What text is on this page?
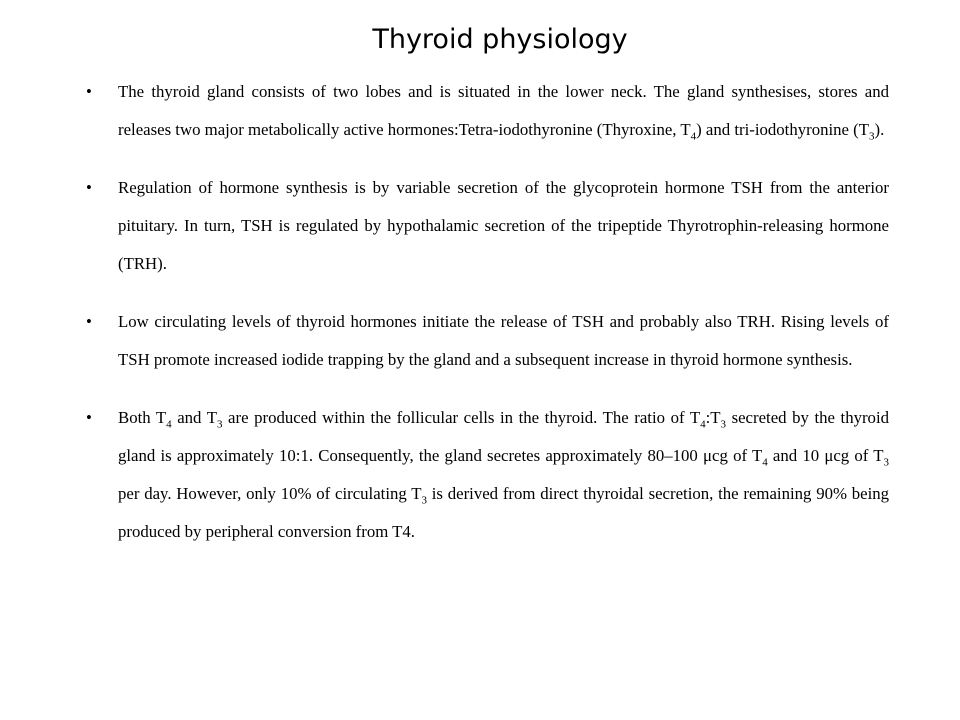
Thyroid physiology
• The thyroid gland consists of two lobes and is situated in the lower neck. The gland synthesises, stores and releases two major metabolically active hormones:Tetra-iodothyronine (Thyroxine, $T_4$) and tri-iodothyronine $(T_3)$.
• Regulation of hormone synthesis is by variable secretion of the glycoprotein hormone TSH from the anterior pituitary. In turn, TSH is regulated by hypothalamic secretion of the tripeptide Thyrotrophin-releasing hormone (TRH).
• Low circulating levels of thyroid hormones initiate the release of TSH and probably also TRH. Rising levels of TSH promote increased iodide trapping by the gland and a subsequent increase in thyroid hormone synthesis.
• Both $T_4$ and $T_3$ are produced within the follicular cells in the thyroid. The ratio of $T_4:T_3$ secreted by the thyroid gland is approximately 10:1. Consequently, the gland secretes approximately 80–100 μcg of $T_4$ and 10 μcg of $T_3$ per day. However, only 10% of circulating $T_3$ is derived from direct thyroidal secretion, the remaining 90% being produced by peripheral conversion from T4.
